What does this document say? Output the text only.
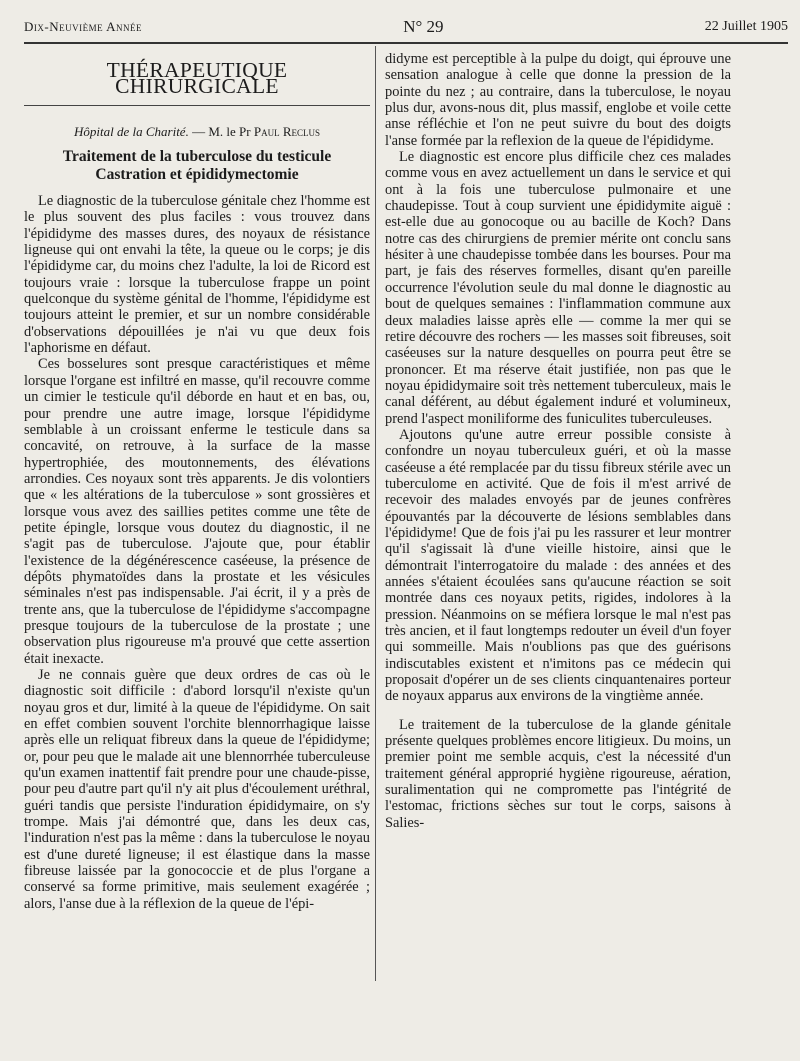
Dix-Neuvième Année	N° 29	22 Juillet 1905
THÉRAPEUTIQUE CHIRURGICALE
Hôpital de la Charité. — M. le Pr Paul Reclus
Traitement de la tuberculose du testicule
Castration et épididymectomie

Le diagnostic de la tuberculose génitale chez l'homme est le plus souvent des plus faciles : vous trouvez dans l'épididyme des masses dures, des noyaux de résistance ligneuse qui ont envahi la tête, la queue ou le corps; je dis l'épididyme car, du moins chez l'adulte, la loi de Ricord est toujours vraie : lorsque la tuberculose frappe un point quelconque du système génital de l'homme, l'épididyme est toujours atteint le premier, et sur un nombre considérable d'observations dépouillées je n'ai vu que deux fois l'aphorisme en défaut.

Ces bosselures sont presque caractéristiques et même lorsque l'organe est infiltré en masse, qu'il recouvre comme un cimier le testicule qu'il déborde en haut et en bas, ou, pour prendre une autre image, lorsque l'épididyme semblable à un croissant enferme le testicule dans sa concavité, on retrouve, à la surface de la masse hypertrophiée, des moutonnements, des élévations arrondies. Ces noyaux sont très apparents. Je dis volontiers que « les altérations de la tuberculose » sont grossières et lorsque vous avez des saillies petites comme une tête de petite épingle, lorsque vous doutez du diagnostic, il ne s'agit pas de tuberculose. J'ajoute que, pour établir l'existence de la dégénérescence caséeuse, la présence de dépôts phymatoïdes dans la prostate et les vésicules séminales n'est pas indispensable. J'ai écrit, il y a près de trente ans, que la tuberculose de l'épididyme s'accompagne presque toujours de la tuberculose de la prostate ; une observation plus rigoureuse m'a prouvé que cette assertion était inexacte.

Je ne connais guère que deux ordres de cas où le diagnostic soit difficile : d'abord lorsqu'il n'existe qu'un noyau gros et dur, limité à la queue de l'épididyme. On sait en effet combien souvent l'orchite blennorrhagique laisse après elle un reliquat fibreux dans la queue de l'épididyme; or, pour peu que le malade ait une blennorrhée tuberculeuse qu'un examen inattentif fait prendre pour une chaude-pisse, pour peu d'autre part qu'il n'y ait plus d'écoulement uréthral, guéri tandis que persiste l'induration épididymaire, on s'y trompe. Mais j'ai démontré que, dans les deux cas, l'induration n'est pas la même : dans la tuberculose le noyau est d'une dureté ligneuse; il est élastique dans la masse fibreuse laissée par la gonococcie et de plus l'organe a conservé sa forme primitive, mais seulement exagérée ; alors, l'anse due à la réflexion de la queue de l'épi-

didyme est perceptible à la pulpe du doigt, qui éprouve une sensation analogue à celle que donne la pression de la pointe du nez ; au contraire, dans la tuberculose, le noyau plus dur, avons-nous dit, plus massif, englobe et voile cette anse réfléchie et l'on ne peut suivre du bout des doigts l'anse formée par la reflexion de la queue de l'épididyme.

Le diagnostic est encore plus difficile chez ces malades comme vous en avez actuellement un dans le service et qui ont à la fois une tuberculose pulmonaire et une chaudepisse. Tout à coup survient une épididymite aiguë : est-elle due au gonocoque ou au bacille de Koch? Dans notre cas des chirurgiens de premier mérite ont conclu sans hésiter à une chaudepisse tombée dans les bourses. Pour ma part, je fais des réserves formelles, disant qu'en pareille occurrence l'évolution seule du mal donne le diagnostic au bout de quelques semaines : l'inflammation commune aux deux maladies laisse après elle — comme la mer qui se retire découvre des rochers — les masses soit fibreuses, soit caséeuses sur la nature desquelles on pourra peut être se prononcer. Et ma réserve était justifiée, non pas que le noyau épididymaire soit très nettement tuberculeux, mais le canal déférent, au début également induré et volumineux, prend l'aspect moniliforme des funiculites tuberculeuses.

Ajoutons qu'une autre erreur possible consiste à confondre un noyau tuberculeux guéri, et où la masse caséeuse a été remplacée par du tissu fibreux stérile avec un tuberculome en activité. Que de fois il m'est arrivé de recevoir des malades envoyés par de jeunes confrères épouvantés par la découverte de lésions semblables dans l'épididyme! Que de fois j'ai pu les rassurer et leur montrer qu'il s'agissait là d'une vieille histoire, ainsi que le démontrait l'interrogatoire du malade : des années et des années s'étaient écoulées sans qu'aucune réaction se soit montrée dans ces noyaux petits, rigides, indolores à la pression. Néanmoins on se méfiera lorsque le mal n'est pas très ancien, et il faut longtemps redouter un éveil d'un foyer qui sommeille. Mais n'oublions pas que des guérisons indiscutables existent et n'imitons pas ce médecin qui proposait d'opérer un de ses clients cinquantenaires porteur de noyaux apparus aux environs de la vingtième année.

Le traitement de la tuberculose de la glande génitale présente quelques problèmes encore litigieux. Du moins, un premier point me semble acquis, c'est la nécessité d'un traitement général approprié hygiène rigoureuse, aération, suralimentation qui ne compromette pas l'intégrité de l'estomac, frictions sèches sur tout le corps, saisons à Salies-
